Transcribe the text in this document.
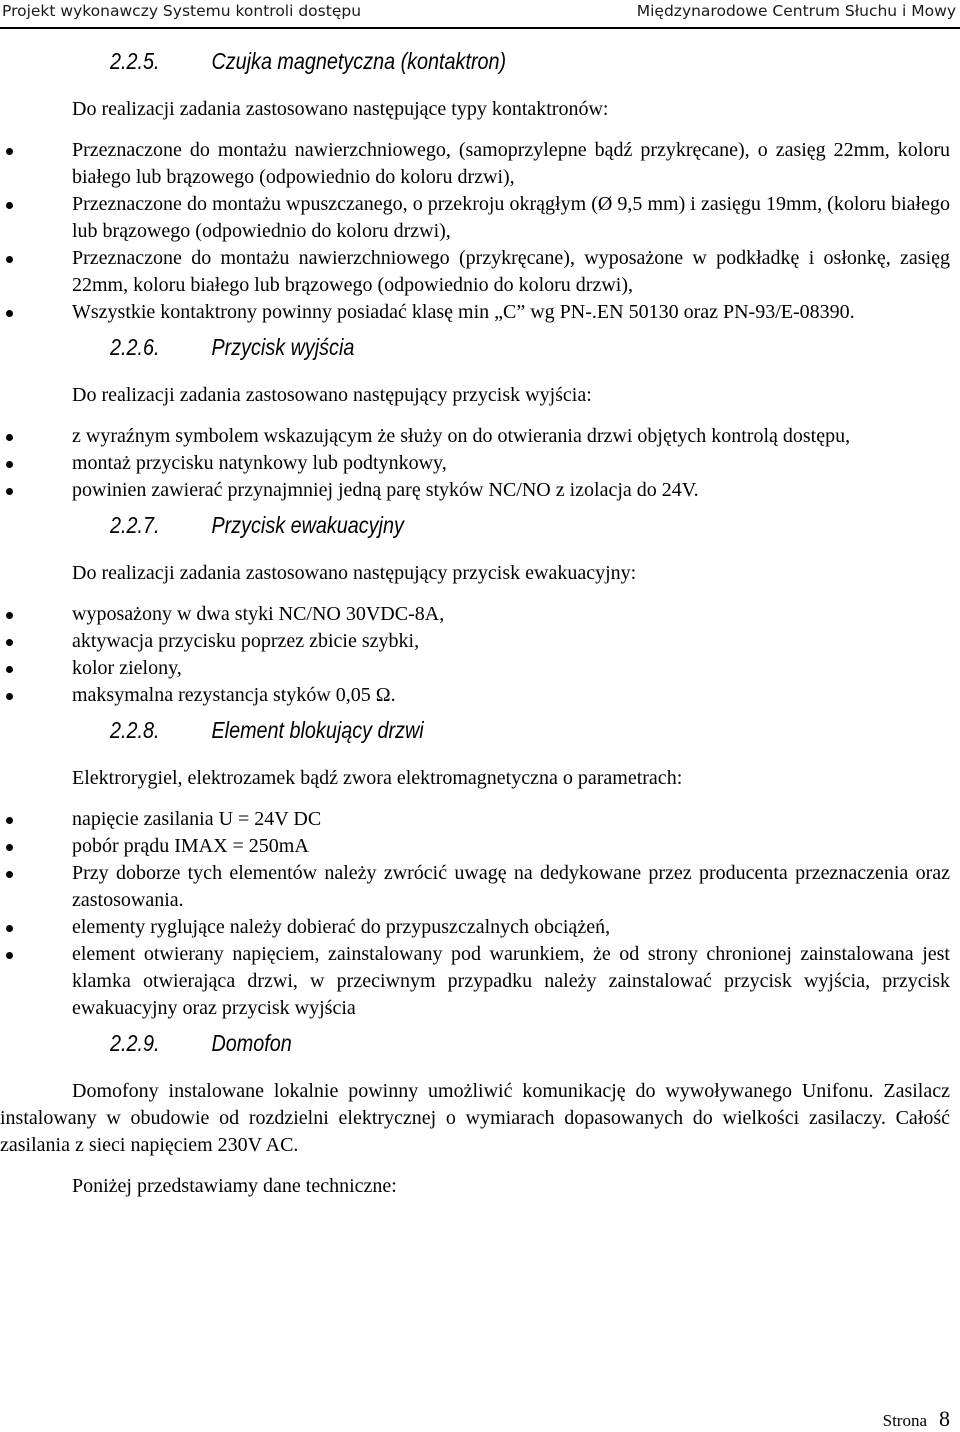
Projekt wykonawczy Systemu kontroli dostępu	Międzynarodowe Centrum Słuchu i Mowy
2.2.5. Czujka magnetyczna (kontaktron)
Do realizacji zadania zastosowano następujące typy kontaktronów:
Przeznaczone do montażu nawierzchniowego, (samoprzylepne bądź przykręcane), o zasięg 22mm, koloru białego lub brązowego (odpowiednio do koloru drzwi),
Przeznaczone do montażu wpuszczanego, o przekroju okrągłym (Ø 9,5 mm) i zasięgu 19mm, (koloru białego lub brązowego (odpowiednio do koloru drzwi),
Przeznaczone do montażu nawierzchniowego (przykręcane), wyposażone w podkładkę i osłonkę, zasięg 22mm, koloru białego lub brązowego (odpowiednio do koloru drzwi),
Wszystkie kontaktrony powinny posiadać klasę min „C” wg PN-.EN 50130 oraz PN-93/E-08390.
2.2.6. Przycisk wyjścia
Do realizacji zadania zastosowano następujący przycisk wyjścia:
z wyraźnym symbolem wskazującym że służy on do otwierania drzwi objętych kontrolą dostępu,
montaż przycisku natynkowy lub podtynkowy,
powinien zawierać przynajmniej jedną parę styków NC/NO z izolacja do 24V.
2.2.7. Przycisk ewakuacyjny
Do realizacji zadania zastosowano następujący przycisk ewakuacyjny:
wyposażony w dwa styki NC/NO 30VDC-8A,
aktywacja przycisku poprzez zbicie szybki,
kolor zielony,
maksymalna rezystancja styków 0,05 Ω.
2.2.8. Element blokujący drzwi
Elektrorygiel, elektrozamek bądź zwora elektromagnetyczna o parametrach:
napięcie zasilania U = 24V DC
pobór prądu IMAX = 250mA
Przy doborze tych elementów należy zwrócić uwagę na dedykowane przez producenta przeznaczenia oraz zastosowania.
elementy ryglujące należy dobierać do przypuszczalnych obciążeń,
element otwierany napięciem, zainstalowany pod warunkiem, że od strony chronionej zainstalowana jest klamka otwierająca drzwi, w przeciwnym przypadku należy zainstalować przycisk wyjścia, przycisk ewakuacyjny oraz przycisk wyjścia
2.2.9. Domofon
Domofony instalowane lokalnie powinny umożliwić komunikację do wywoływanego Unifonu. Zasilacz instalowany w obudowie od rozdzielni elektrycznej o wymiarach dopasowanych do wielkości zasilaczy. Całość zasilania z sieci napięciem 230V AC.
Poniżej przedstawiamy dane techniczne:
Strona 8
